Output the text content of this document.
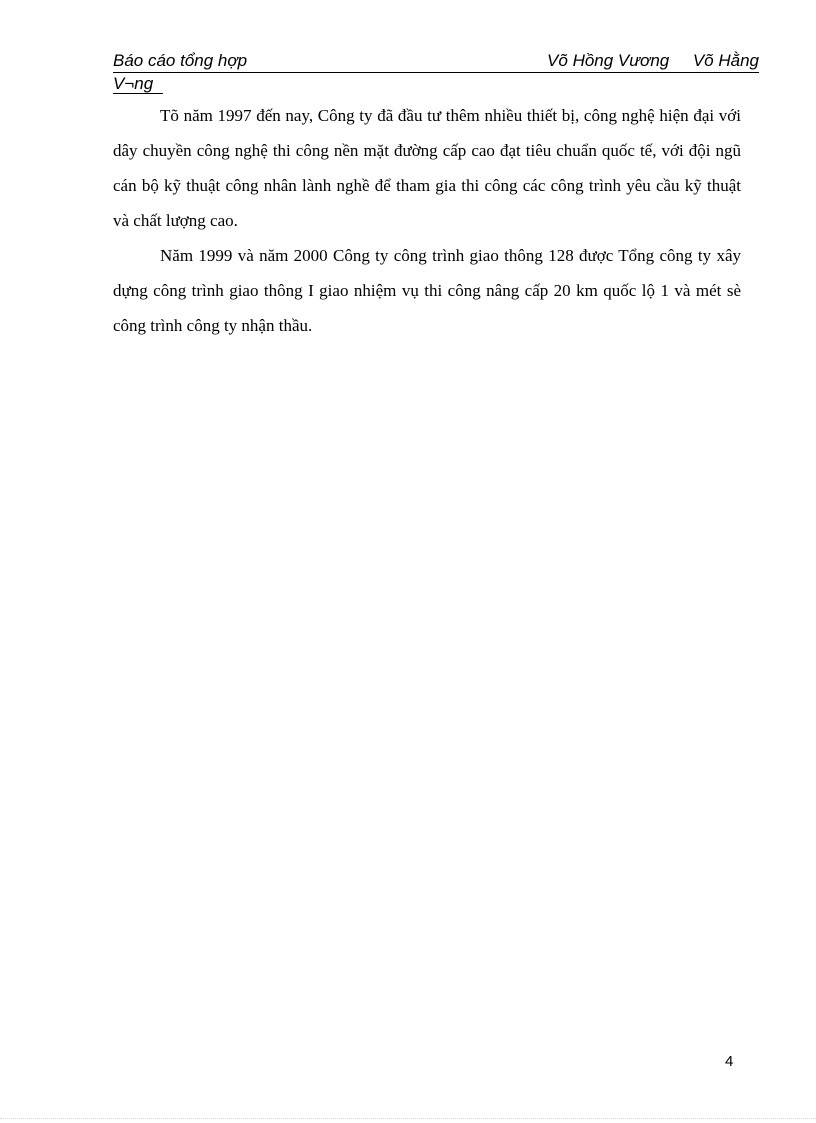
Báo cáo tổng hợp	Võ Hồng Vương     Võ Hằng
V¬ng

Tõ năm 1997 đến nay, Công ty đã đầu tư thêm nhiều thiết bị, công nghệ hiện đại với dây chuyền công nghệ thi công nền mặt đường cấp cao đạt tiêu chuẩn quốc tế, với đội ngũ cán bộ kỹ thuật công nhân lành nghề để tham gia thi công các công trình yêu cầu kỹ thuật và chất lượng cao.

Năm 1999 và năm 2000 Công ty công trình giao thông 128 được Tổng công ty xây dựng công trình giao thông I giao nhiệm vụ thi công nâng cấp 20 km quốc lộ 1 và mét sè công trình công ty nhận thầu.

4
